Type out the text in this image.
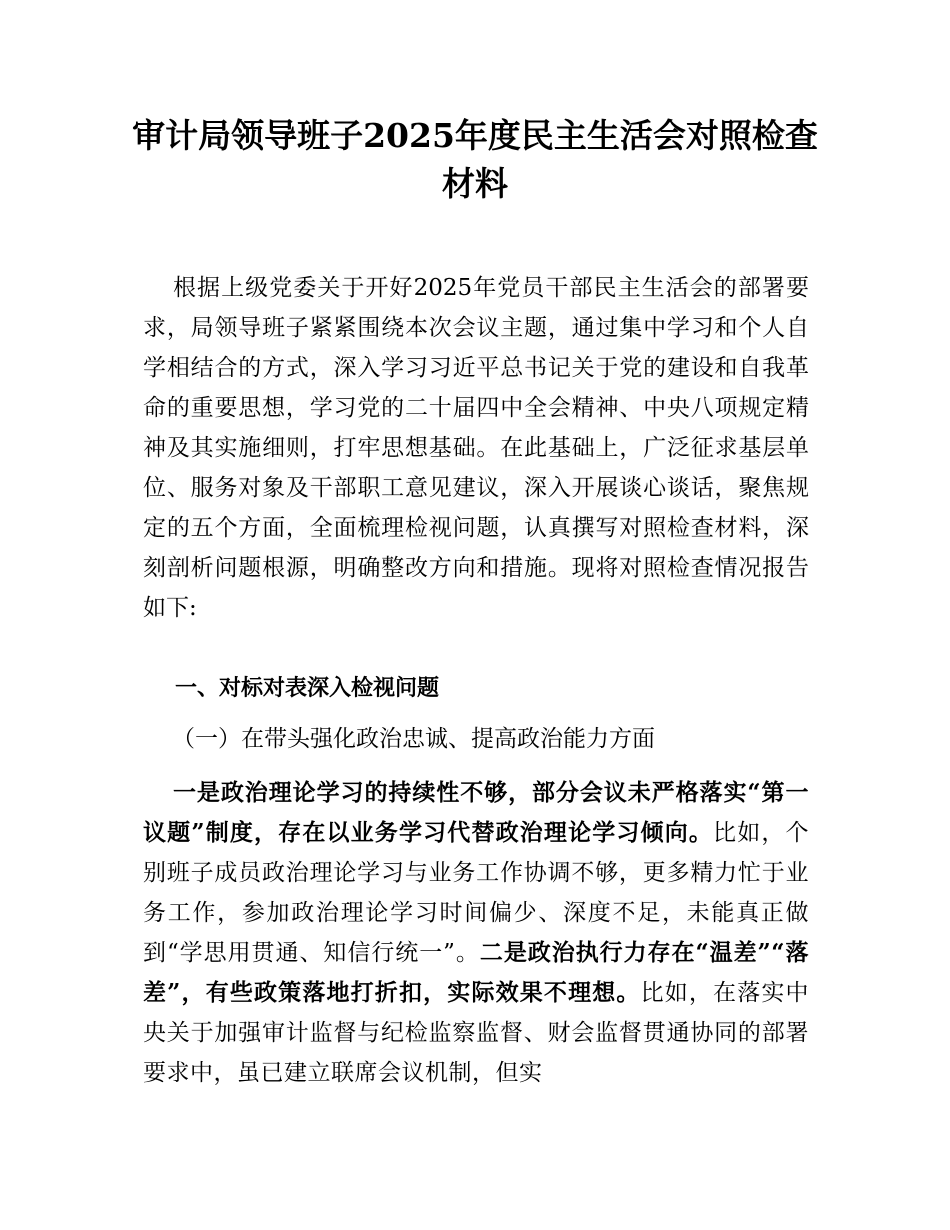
审计局领导班子2025年度民主生活会对照检查材料

根据上级党委关于开好2025年党员干部民主生活会的部署要求，局领导班子紧紧围绕本次会议主题，通过集中学习和个人自学相结合的方式，深入学习习近平总书记关于党的建设和自我革命的重要思想，学习党的二十届四中全会精神、中央八项规定精神及其实施细则，打牢思想基础。在此基础上，广泛征求基层单位、服务对象及干部职工意见建议，深入开展谈心谈话，聚焦规定的五个方面，全面梳理检视问题，认真撰写对照检查材料，深刻剖析问题根源，明确整改方向和措施。现将对照检查情况报告如下:

一、对标对表深入检视问题

（一）在带头强化政治忠诚、提高政治能力方面

一是政治理论学习的持续性不够，部分会议未严格落实“第一议题”制度，存在以业务学习代替政治理论学习倾向。比如，个别班子成员政治理论学习与业务工作协调不够，更多精力忙于业务工作，参加政治理论学习时间偏少、深度不足，未能真正做到“学思用贯通、知信行统一”。二是政治执行力存在“温差”“落差”，有些政策落地打折扣，实际效果不理想。比如，在落实中央关于加强审计监督与纪检监察监督、财会监督贯通协同的部署要求中，虽已建立联席会议机制，但实
